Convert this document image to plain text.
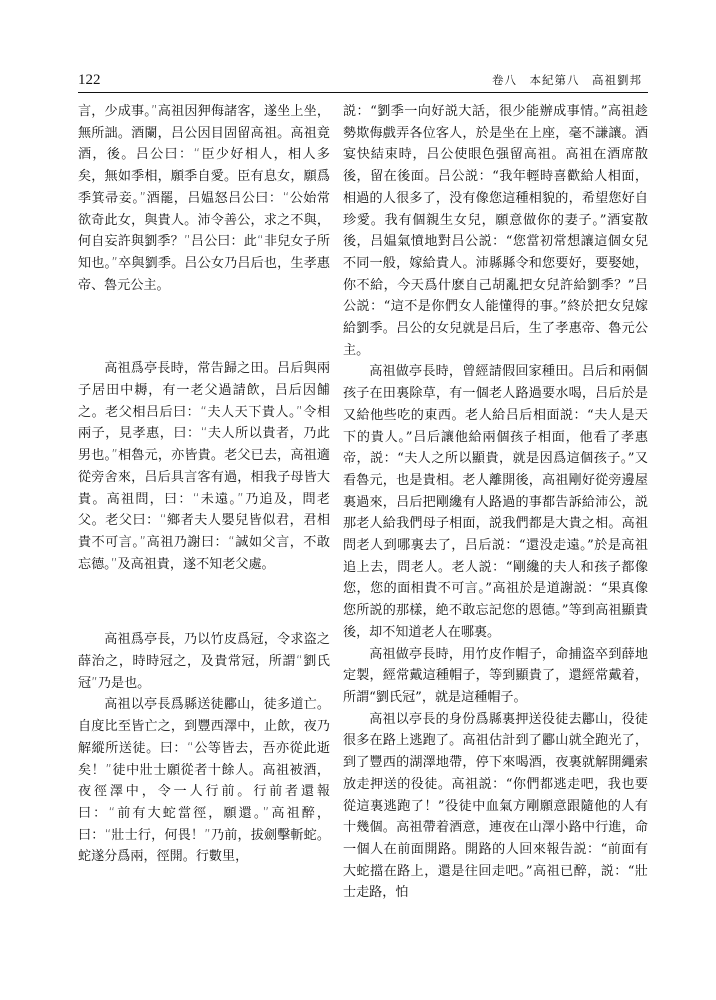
122	卷八　本紀第八　高祖劉邦

言，少成事。”高祖因狎侮諸客，遂坐上坐，無所詘。酒闌，吕公因目固留高祖。高祖竟酒，後。吕公曰：“臣少好相人，相人多矣，無如季相，願季自愛。臣有息女，願爲季箕帚妾。”酒罷，吕媪怒吕公曰：“公始常欲奇此女，與貴人。沛令善公，求之不與，何自妄許與劉季？”吕公曰：此“非兒女子所知也。”卒與劉季。吕公女乃吕后也，生孝惠帝、魯元公主。

高祖爲亭長時，常告歸之田。吕后與兩子居田中耨，有一老父過請飲，吕后因餔之。老父相吕后曰：“夫人天下貴人。”令相兩子，見孝惠，曰：“夫人所以貴者，乃此男也。”相魯元，亦皆貴。老父已去，高祖適從旁舍來，吕后具言客有過，相我子母皆大貴。高祖問，曰：“未遠。”乃追及，問老父。老父曰：“鄉者夫人嬰兒皆似君，君相貴不可言。”高祖乃謝曰：“誠如父言，不敢忘德。”及高祖貴，遂不知老父處。

高祖爲亭長，乃以竹皮爲冠，令求盗之薛治之，時時冠之，及貴常冠，所謂“劉氏冠”乃是也。

高祖以亭長爲縣送徒酈山，徒多道亡。自度比至皆亡之，到豐西澤中，止飲，夜乃解縱所送徒。曰：“公等皆去，吾亦從此逝矣！”徒中壯士願從者十餘人。高祖被酒，夜徑澤中，令一人行前。行前者還報曰：“前有大蛇當徑，願還。”高祖醉，曰：“壯士行，何畏！”乃前，拔劍擊斬蛇。蛇遂分爲兩，徑開。行數里，

説：“劉季一向好説大話，很少能辦成事情。”高祖趁勢欺侮戲弄各位客人，於是坐在上座，毫不謙讓。酒宴快結束時，吕公使眼色强留高祖。高祖在酒席散後，留在後面。吕公説：“我年輕時喜歡給人相面，相過的人很多了，没有像您這種相貌的，希望您好自珍愛。我有個親生女兒，願意做你的妻子。”酒宴散後，吕媪氣憤地對吕公説：“您當初常想讓這個女兒不同一般，嫁給貴人。沛縣縣令和您要好，要娶她，你不給，今天爲什麽自己胡亂把女兒許給劉季？”吕公説：“這不是你們女人能懂得的事。”終於把女兒嫁給劉季。吕公的女兒就是吕后，生了孝惠帝、魯元公主。

高祖做亭長時，曾經請假回家種田。吕后和兩個孩子在田裏除草，有一個老人路過要水喝，吕后於是又給他些吃的東西。老人給吕后相面説：“夫人是天下的貴人。”吕后讓他給兩個孩子相面，他看了孝惠帝，説：“夫人之所以顯貴，就是因爲這個孩子。”又看魯元，也是貴相。老人離開後，高祖剛好從旁邊屋裏過來，吕后把剛纔有人路過的事都告訴給沛公，説那老人給我們母子相面，説我們都是大貴之相。高祖問老人到哪裏去了，吕后説：“還没走遠。”於是高祖追上去，問老人。老人説：“剛纔的夫人和孩子都像您，您的面相貴不可言。”高祖於是道謝説：“果真像您所説的那樣，絶不敢忘記您的恩德。”等到高祖顯貴後，却不知道老人在哪裏。

高祖做亭長時，用竹皮作帽子，命捕盗卒到薛地定製，經常戴這種帽子，等到顯貴了，還經常戴着，所謂“劉氏冠”，就是這種帽子。

高祖以亭長的身份爲縣裏押送役徒去酈山，役徒很多在路上逃跑了。高祖估計到了酈山就全跑光了，到了豐西的湖澤地帶，停下來喝酒，夜裏就解開繩索放走押送的役徒。高祖説：“你們都逃走吧，我也要從這裏逃跑了！”役徒中血氣方剛願意跟隨他的人有十幾個。高祖帶着酒意，連夜在山澤小路中行進，命一個人在前面開路。開路的人回來報告説：“前面有大蛇擋在路上，還是往回走吧。”高祖已醉，説：“壯士走路，怕
